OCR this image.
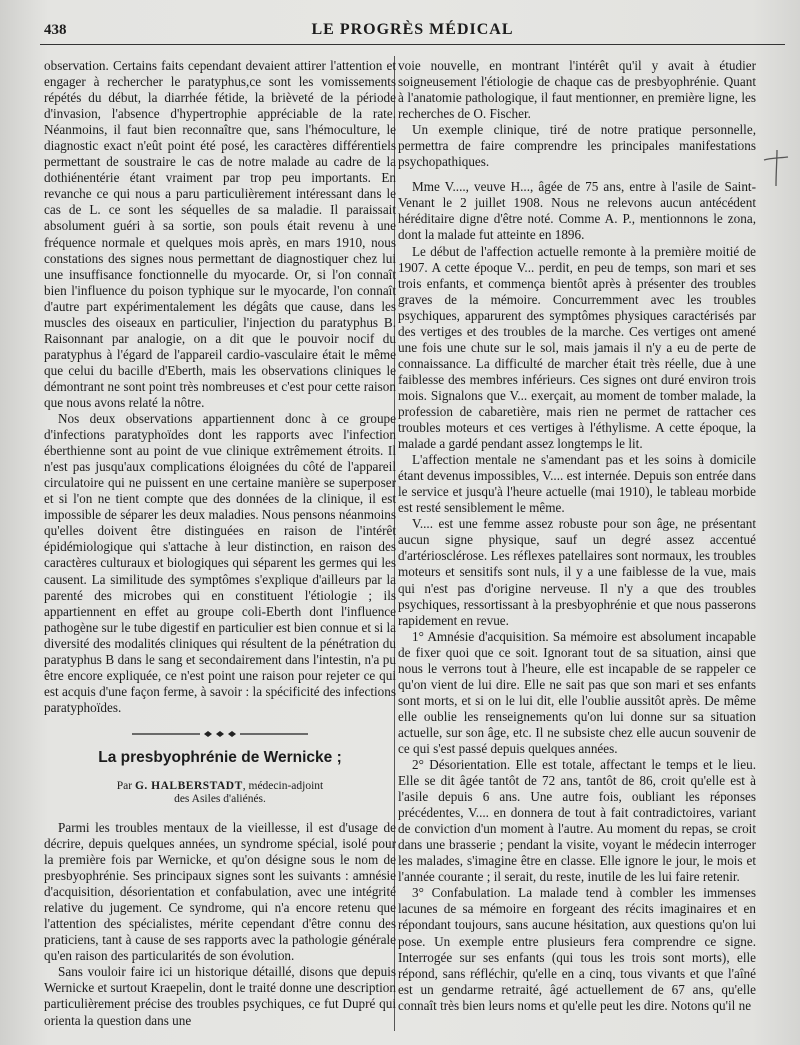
438	LE PROGRÈS MÉDICAL

observation. Certains faits cependant devaient attirer l'attention et engager à rechercher le paratyphus,ce sont les vomissements répétés du début, la diarrhée fétide, la brièveté de la période d'invasion, l'absence d'hypertrophie appréciable de la rate. Néanmoins, il faut bien reconnaître que, sans l'hémoculture, le diagnostic exact n'eût point été posé, les caractères différentiels permettant de soustraire le cas de notre malade au cadre de la dothiénentérie étant vraiment par trop peu importants. En revanche ce qui nous a paru particulièrement intéressant dans le cas de L. ce sont les séquelles de sa maladie. Il paraissait absolument guéri à sa sortie, son pouls était revenu à une fréquence normale et quelques mois après, en mars 1910, nous constations des signes nous permettant de diagnostiquer chez lui une insuffisance fonctionnelle du myocarde. Or, si l'on connaît bien l'influence du poison typhique sur le myocarde, l'on connaît d'autre part expérimentalement les dégâts que cause, dans les muscles des oiseaux en particulier, l'injection du paratyphus B. Raisonnant par analogie, on a dit que le pouvoir nocif du paratyphus à l'égard de l'appareil cardio-vasculaire était le même que celui du bacille d'Eberth, mais les observations cliniques le démontrant ne sont point très nombreuses et c'est pour cette raison que nous avons relaté la nôtre.

Nos deux observations appartiennent donc à ce groupe d'infections paratyphoïdes dont les rapports avec l'infection éberthienne sont au point de vue clinique extrêmement étroits. Il n'est pas jusqu'aux complications éloignées du côté de l'appareil circulatoire qui ne puissent en une certaine manière se superposer et si l'on ne tient compte que des données de la clinique, il est impossible de séparer les deux maladies. Nous pensons néanmoins qu'elles doivent être distinguées en raison de l'intérêt épidémiologique qui s'attache à leur distinction, en raison des caractères culturaux et biologiques qui séparent les germes qui les causent. La similitude des symptômes s'explique d'ailleurs par la parenté des microbes qui en constituent l'étiologie ; ils appartiennent en effet au groupe coli-Eberth dont l'influence pathogène sur le tube digestif en particulier est bien connue et si la diversité des modalités cliniques qui résultent de la pénétration du paratyphus B dans le sang et secondairement dans l'intestin, n'a pu être encore expliquée, ce n'est point une raison pour rejeter ce qui est acquis d'une façon ferme, à savoir : la spécificité des infections paratyphoïdes.

La presbyophrénie de Wernicke ;
Par G. HALBERSTADT, médecin-adjoint
des Asiles d'aliénés.

Parmi les troubles mentaux de la vieillesse, il est d'usage de décrire, depuis quelques années, un syndrome spécial, isolé pour la première fois par Wernicke, et qu'on désigne sous le nom de presbyophrénie. Ses principaux signes sont les suivants : amnésie d'acquisition, désorientation et confabulation, avec une intégrité relative du jugement. Ce syndrome, qui n'a encore retenu que l'attention des spécialistes, mérite cependant d'être connu des praticiens, tant à cause de ses rapports avec la pathologie générale qu'en raison des particularités de son évolution.

Sans vouloir faire ici un historique détaillé, disons que depuis Wernicke et surtout Kraepelin, dont le traité donne une description particulièrement précise des troubles psychiques, ce fut Dupré qui orienta la question dans une

voie nouvelle, en montrant l'intérêt qu'il y avait à étudier soigneusement l'étiologie de chaque cas de presbyophrénie. Quant à l'anatomie pathologique, il faut mentionner, en première ligne, les recherches de O. Fischer.

Un exemple clinique, tiré de notre pratique personnelle, permettra de faire comprendre les principales manifestations psychopathiques.

Mme V...., veuve H..., âgée de 75 ans, entre à l'asile de Saint-Venant le 2 juillet 1908. Nous ne relevons aucun antécédent héréditaire digne d'être noté. Comme A. P., mentionnons le zona, dont la malade fut atteinte en 1896.

Le début de l'affection actuelle remonte à la première moitié de 1907. A cette époque V... perdit, en peu de temps, son mari et ses trois enfants, et commença bientôt après à présenter des troubles graves de la mémoire. Concurremment avec les troubles psychiques, apparurent des symptômes physiques caractérisés par des vertiges et des troubles de la marche. Ces vertiges ont amené une fois une chute sur le sol, mais jamais il n'y a eu de perte de connaissance. La difficulté de marcher était très réelle, due à une faiblesse des membres inférieurs. Ces signes ont duré environ trois mois. Signalons que V... exerçait, au moment de tomber malade, la profession de cabaretière, mais rien ne permet de rattacher ces troubles moteurs et ces vertiges à l'éthylisme. A cette époque, la malade a gardé pendant assez longtemps le lit.

L'affection mentale ne s'amendant pas et les soins à domicile étant devenus impossibles, V.... est internée. Depuis son entrée dans le service et jusqu'à l'heure actuelle (mai 1910), le tableau morbide est resté sensiblement le même.

V.... est une femme assez robuste pour son âge, ne présentant aucun signe physique, sauf un degré assez accentué d'artériosclérose. Les réflexes patellaires sont normaux, les troubles moteurs et sensitifs sont nuls, il y a une faiblesse de la vue, mais qui n'est pas d'origine nerveuse. Il n'y a que des troubles psychiques, ressortissant à la presbyophrénie et que nous passerons rapidement en revue.

1° Amnésie d'acquisition. Sa mémoire est absolument incapable de fixer quoi que ce soit. Ignorant tout de sa situation, ainsi que nous le verrons tout à l'heure, elle est incapable de se rappeler ce qu'on vient de lui dire. Elle ne sait pas que son mari et ses enfants sont morts, et si on le lui dit, elle l'oublie aussitôt après. De même elle oublie les renseignements qu'on lui donne sur sa situation actuelle, sur son âge, etc. Il ne subsiste chez elle aucun souvenir de ce qui s'est passé depuis quelques années.

2° Désorientation. Elle est totale, affectant le temps et le lieu. Elle se dit âgée tantôt de 72 ans, tantôt de 86, croit qu'elle est à l'asile depuis 6 ans. Une autre fois, oubliant les réponses précédentes, V.... en donnera de tout à fait contradictoires, variant de conviction d'un moment à l'autre. Au moment du repas, se croit dans une brasserie ; pendant la visite, voyant le médecin interroger les malades, s'imagine être en classe. Elle ignore le jour, le mois et l'année courante ; il serait, du reste, inutile de les lui faire retenir.

3° Confabulation. La malade tend à combler les immenses lacunes de sa mémoire en forgeant des récits imaginaires et en répondant toujours, sans aucune hésitation, aux questions qu'on lui pose. Un exemple entre plusieurs fera comprendre ce signe. Interrogée sur ses enfants (qui tous les trois sont morts), elle répond, sans réfléchir, qu'elle en a cinq, tous vivants et que l'aîné est un gendarme retraité, âgé actuellement de 67 ans, qu'elle connaît très bien leurs noms et qu'elle peut les dire. Notons qu'il ne
